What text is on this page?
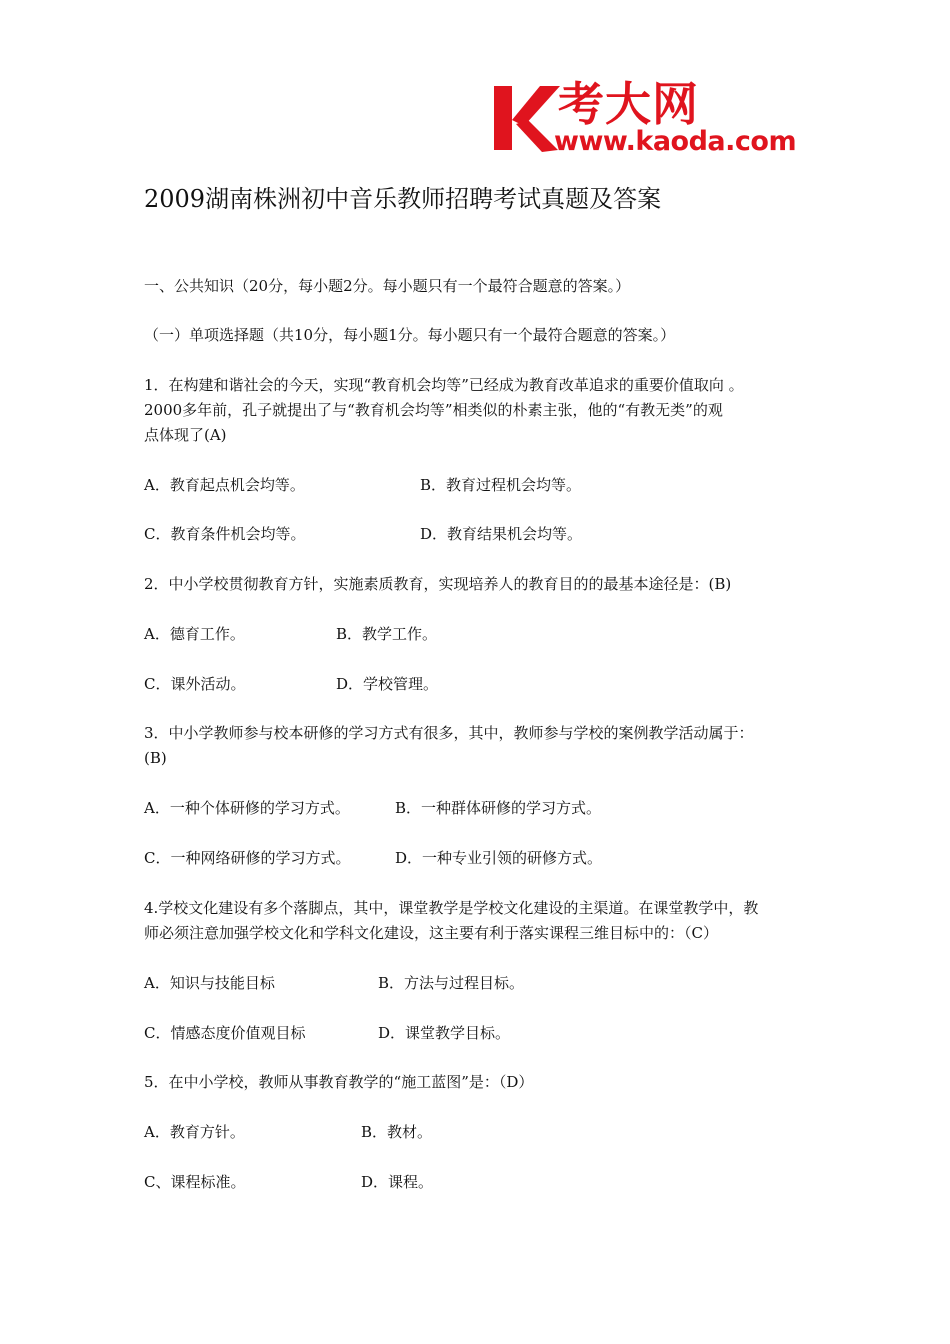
考大网
www.kaoda.com
2009湖南株洲初中音乐教师招聘考试真题及答案
一、公共知识（20分，每小题2分。每小题只有一个最符合题意的答案。）
（一）单项选择题（共10分，每小题1分。每小题只有一个最符合题意的答案。）
1．在构建和谐社会的今天，实现“教育机会均等”已经成为教育改革追求的重要价值取向 。
2000多年前，孔子就提出了与“教育机会均等”相类似的朴素主张，他的“有教无类”的观
点体现了(A)
A．教育起点机会均等。	B．教育过程机会均等。
C．教育条件机会均等。	D．教育结果机会均等。
2．中小学校贯彻教育方针，实施素质教育，实现培养人的教育目的的最基本途径是：(B)
A．德育工作。	B．教学工作。
C．课外活动。	D．学校管理。
3．中小学教师参与校本研修的学习方式有很多，其中，教师参与学校的案例教学活动属于：
(B)
A．一种个体研修的学习方式。	B．一种群体研修的学习方式。
C．一种网络研修的学习方式。	D．一种专业引领的研修方式。
4.学校文化建设有多个落脚点，其中，课堂教学是学校文化建设的主渠道。在课堂教学中，教
师必须注意加强学校文化和学科文化建设，这主要有利于落实课程三维目标中的：（C）
A．知识与技能目标	B．方法与过程目标。
C．情感态度价值观目标	D．课堂教学目标。
5．在中小学校，教师从事教育教学的“施工蓝图”是：（D）
A．教育方针。	B．教材。
C、课程标准。	D．课程。
